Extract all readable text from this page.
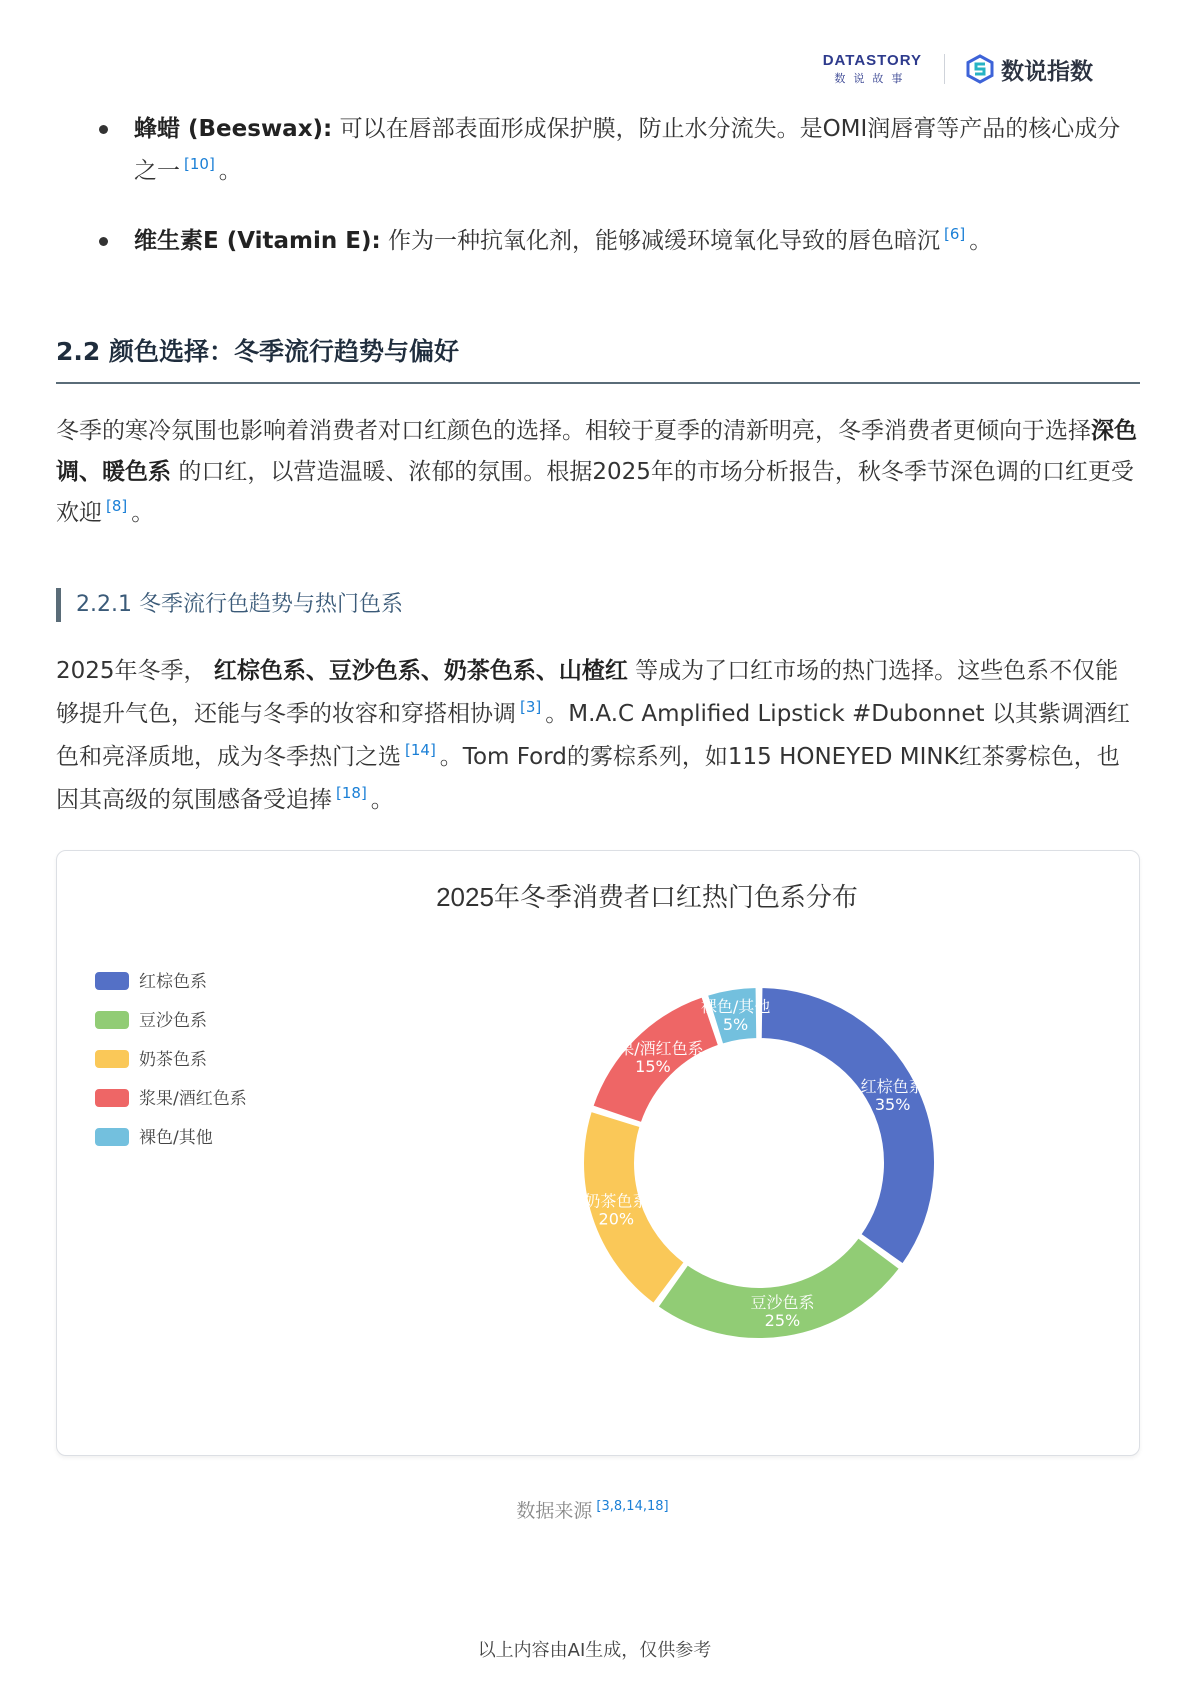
DATASTORY
数说故事	数说指数
蜂蜡 (Beeswax): 可以在唇部表面形成保护膜，防止水分流失。是OMI润唇膏等产品的核心成分之一 [10] 。
维生素E (Vitamin E): 作为一种抗氧化剂，能够减缓环境氧化导致的唇色暗沉 [6] 。
2.2 颜色选择：冬季流行趋势与偏好

冬季的寒冷氛围也影响着消费者对口红颜色的选择。相较于夏季的清新明亮，冬季消费者更倾向于选择深色调、暖色系 的口红，以营造温暖、浓郁的氛围。根据2025年的市场分析报告，秋冬季节深色调的口红更受欢迎 [8] 。

2.2.1 冬季流行色趋势与热门色系

2025年冬季， 红棕色系、豆沙色系、奶茶色系、山楂红 等成为了口红市场的热门选择。这些色系不仅能够提升气色，还能与冬季的妆容和穿搭相协调 [3] 。M.A.C Amplified Lipstick #Dubonnet 以其紫调酒红色和亮泽质地，成为冬季热门之选 [14] 。Tom Ford的雾棕系列，如115 HONEYED MINK红茶雾棕色，也因其高级的氛围感备受追捧 [18] 。

2025年冬季消费者口红热门色系分布
红棕色系
豆沙色系
奶茶色系
浆果/酒红色系
裸色/其他
红棕色系
35%
豆沙色系
25%
奶茶色系
20%
浆果/酒红色系
15%
裸色/其他
5%
数据来源 [3,8,14,18]
以上内容由AI生成，仅供参考
